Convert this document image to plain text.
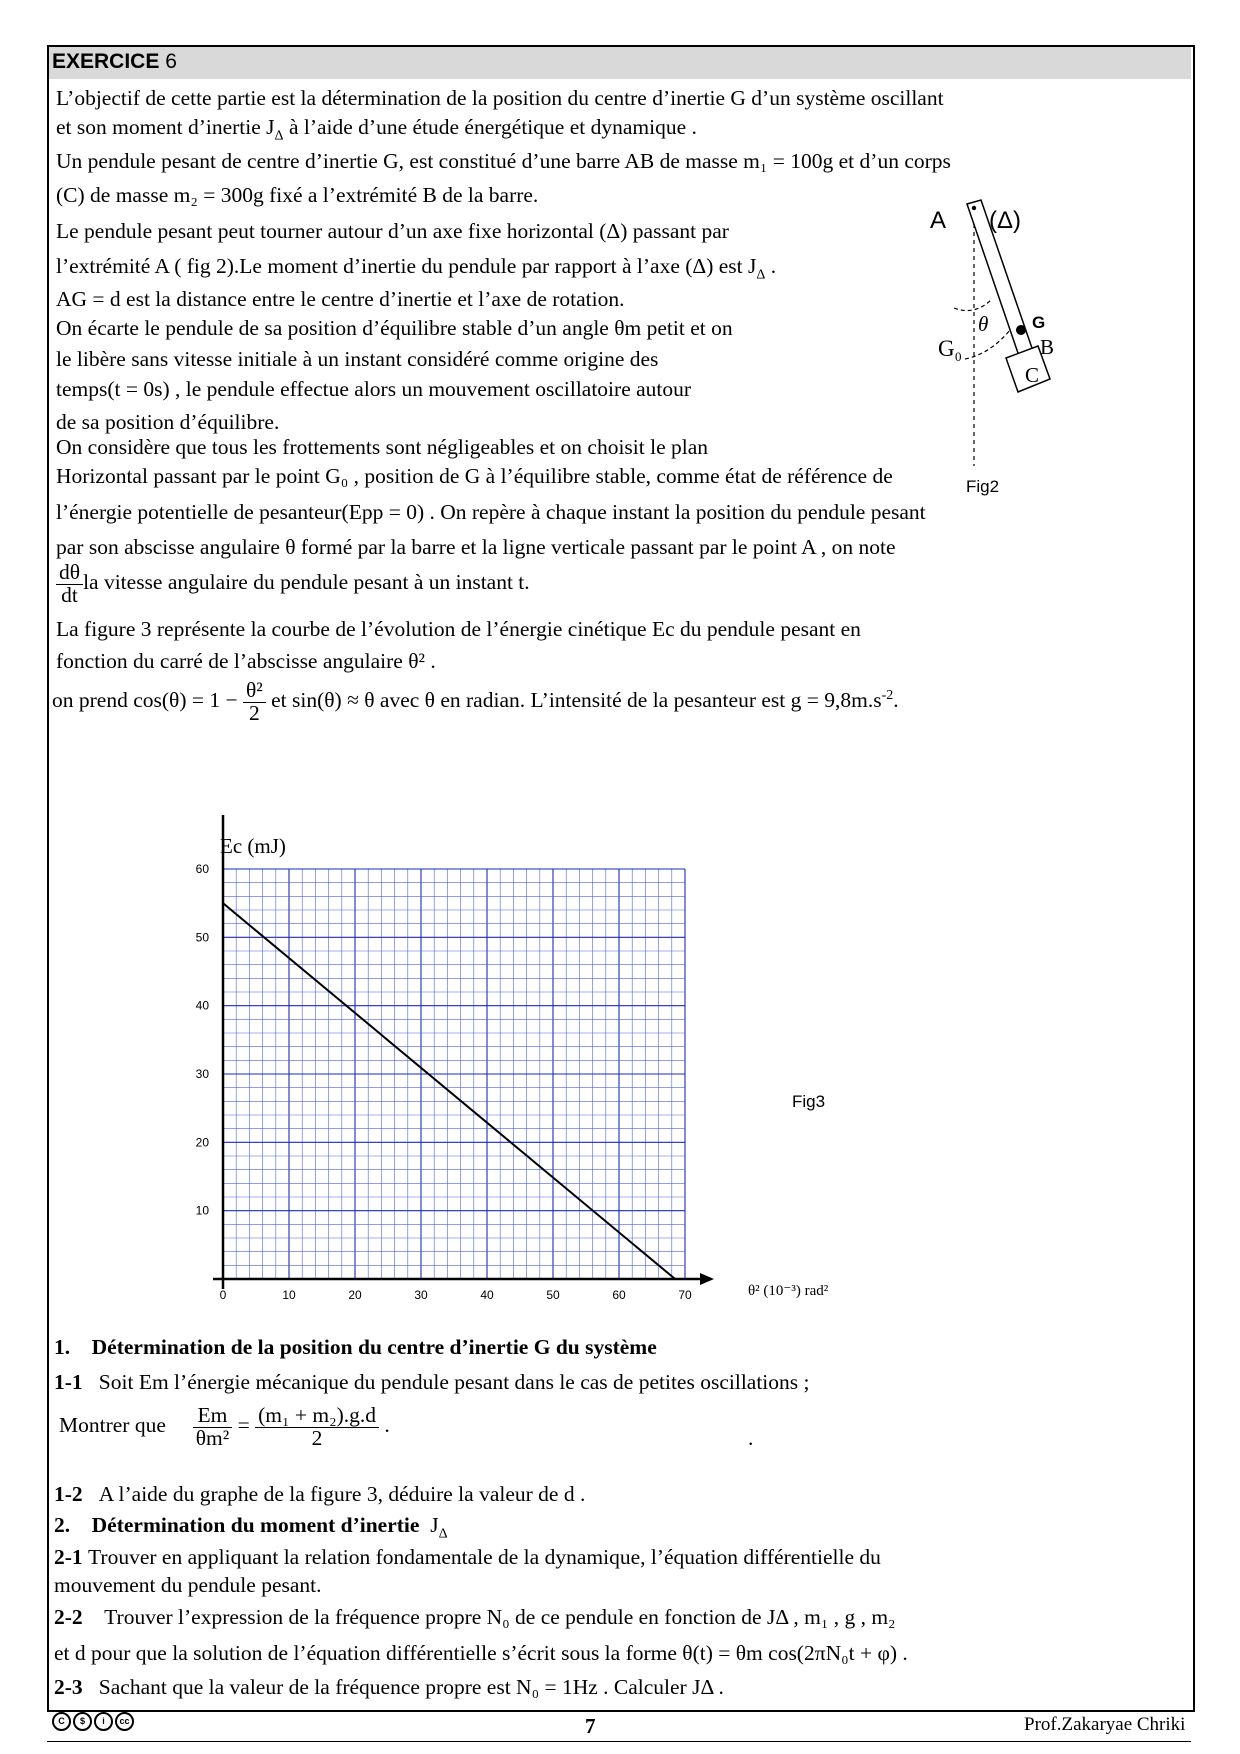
EXERCICE 6
L’objectif de cette partie est la détermination de la position du centre d’inertie G d’un système oscillant
et son moment d’inertie $J_\Delta$ à l’aide d’une étude énergétique et dynamique .
Un pendule pesant de centre d’inertie G, est constitué d’une barre AB de masse m₁ = 100g et d’un corps
(C) de masse m₂ = 300g fixé a l’extrémité B de la barre.
Le pendule pesant peut tourner autour d’un axe fixe horizontal (Δ) passant par
l’extrémité A ( fig 2).Le moment d’inertie du pendule par rapport à l’axe (Δ) est $J_\Delta$ .
AG = d est la distance entre le centre d’inertie et l’axe de rotation.
On écarte le pendule de sa position d’équilibre stable d’un angle θm petit et on
le libère sans vitesse initiale à un instant considéré comme origine des
temps(t = 0s) , le pendule effectue alors un mouvement oscillatoire autour
de sa position d’équilibre.
On considère que tous les frottements sont négligeables et on choisit le plan
Horizontal passant par le point G₀ , position de G à l’équilibre stable, comme état de référence de
l’énergie potentielle de pesanteur(Epp = 0) . On repère à chaque instant la position du pendule pesant
par son abscisse angulaire θ formé par la barre et la ligne verticale passant par le point A , on note
$\frac{d\theta}{dt}$ la vitesse angulaire du pendule pesant à un instant t.
La figure 3 représente la courbe de l’évolution de l’énergie cinétique Ec du pendule pesant en
fonction du carré de l’abscisse angulaire θ² .
on prend $\cos(\theta) = 1 - \frac{\text{θ²}}{2}$ et sin(θ) ≈ θ avec θ en radian. L’intensité de la pesanteur est $g = 9,8m.s^{-2}$.
A (Δ)
θ	G
G 0	B
C
Fig2
0	10	20	30	40	50	60	70
10
20
30
40
50
60
Ec (mJ)
θ² (10⁻³) rad²
Fig3
1. Détermination de la position du centre d’inertie G du système
1-1 Soit Em l’énergie mécanique du pendule pesant dans le cas de petites oscillations ;
Montrer que $\frac{Em}{\text{θm²}} = \frac{\text{(m₁ + m₂).g.d}}{2}$ .
.
1-2 A l’aide du graphe de la figure 3, déduire la valeur de d .
2. Détermination du moment d’inertie $J_\Delta$
2-1 Trouver en appliquant la relation fondamentale de la dynamique, l’équation différentielle du
mouvement du pendule pesant.
2-2 Trouver l’expression de la fréquence propre N₀ de ce pendule en fonction de JΔ , m₁ , g , m₂
et d pour que la solution de l’équation différentielle s’écrit sous la forme θ(t) = θm cos(2πN₀t + φ) .
2-3 Sachant que la valeur de la fréquence propre est N₀ = 1Hz . Calculer JΔ .
C	$	i	cc	7	Prof.Zakaryae Chriki
